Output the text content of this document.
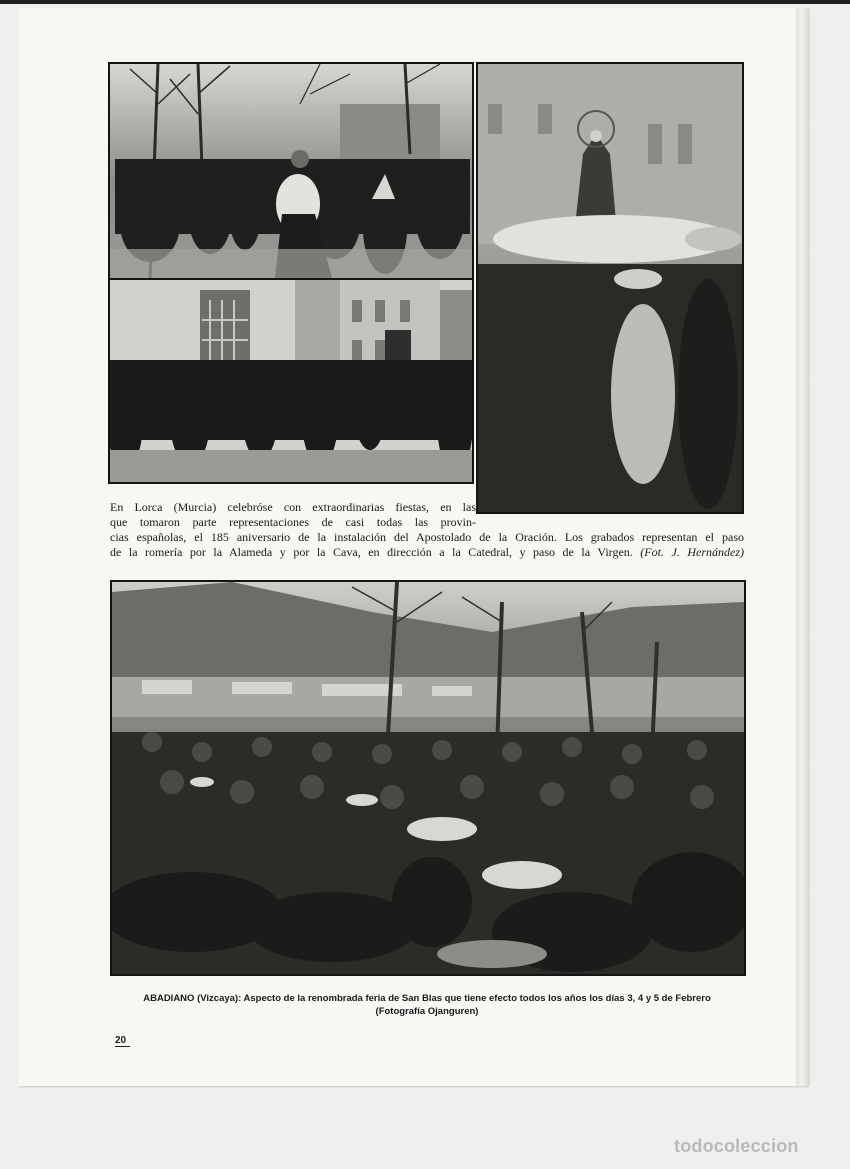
En Lorca (Murcia) celebróse con extraordinarias fiestas, en las

que tomaron parte representaciones de casi todas las provin-

cias españolas, el 185 aniversario de la instalación del Apostolado de la Oración. Los grabados representan el paso

de la romería por la Alameda y por la Cava, en dirección a la Catedral, y paso de la Virgen. (Fot. J. Hernández)

ABADIANO (Vizcaya): Aspecto de la renombrada feria de San Blas que tiene efecto todos los años los días 3, 4 y 5 de Febrero

(Fotografía Ojanguren)

20

todocoleccion
